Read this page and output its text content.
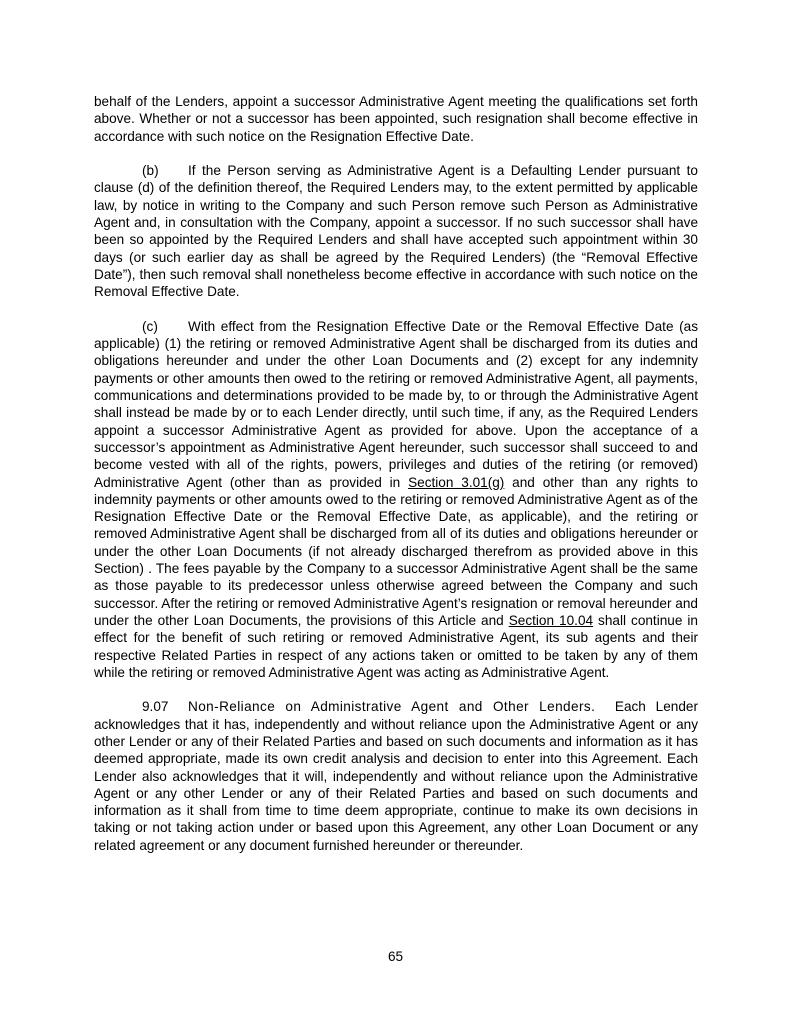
behalf of the Lenders, appoint a successor Administrative Agent meeting the qualifications set forth above. Whether or not a successor has been appointed, such resignation shall become effective in accordance with such notice on the Resignation Effective Date.

(b) If the Person serving as Administrative Agent is a Defaulting Lender pursuant to clause (d) of the definition thereof, the Required Lenders may, to the extent permitted by applicable law, by notice in writing to the Company and such Person remove such Person as Administrative Agent and, in consultation with the Company, appoint a successor. If no such successor shall have been so appointed by the Required Lenders and shall have accepted such appointment within 30 days (or such earlier day as shall be agreed by the Required Lenders) (the “Removal Effective Date”), then such removal shall nonetheless become effective in accordance with such notice on the Removal Effective Date.

(c) With effect from the Resignation Effective Date or the Removal Effective Date (as applicable) (1) the retiring or removed Administrative Agent shall be discharged from its duties and obligations hereunder and under the other Loan Documents and (2) except for any indemnity payments or other amounts then owed to the retiring or removed Administrative Agent, all payments, communications and determinations provided to be made by, to or through the Administrative Agent shall instead be made by or to each Lender directly, until such time, if any, as the Required Lenders appoint a successor Administrative Agent as provided for above. Upon the acceptance of a successor’s appointment as Administrative Agent hereunder, such successor shall succeed to and become vested with all of the rights, powers, privileges and duties of the retiring (or removed) Administrative Agent (other than as provided in Section 3.01(g) and other than any rights to indemnity payments or other amounts owed to the retiring or removed Administrative Agent as of the Resignation Effective Date or the Removal Effective Date, as applicable), and the retiring or removed Administrative Agent shall be discharged from all of its duties and obligations hereunder or under the other Loan Documents (if not already discharged therefrom as provided above in this Section) . The fees payable by the Company to a successor Administrative Agent shall be the same as those payable to its predecessor unless otherwise agreed between the Company and such successor. After the retiring or removed Administrative Agent’s resignation or removal hereunder and under the other Loan Documents, the provisions of this Article and Section 10.04 shall continue in effect for the benefit of such retiring or removed Administrative Agent, its sub agents and their respective Related Parties in respect of any actions taken or omitted to be taken by any of them while the retiring or removed Administrative Agent was acting as Administrative Agent.

9.07 Non-Reliance on Administrative Agent and Other Lenders. Each Lender acknowledges that it has, independently and without reliance upon the Administrative Agent or any other Lender or any of their Related Parties and based on such documents and information as it has deemed appropriate, made its own credit analysis and decision to enter into this Agreement. Each Lender also acknowledges that it will, independently and without reliance upon the Administrative Agent or any other Lender or any of their Related Parties and based on such documents and information as it shall from time to time deem appropriate, continue to make its own decisions in taking or not taking action under or based upon this Agreement, any other Loan Document or any related agreement or any document furnished hereunder or thereunder.

65
